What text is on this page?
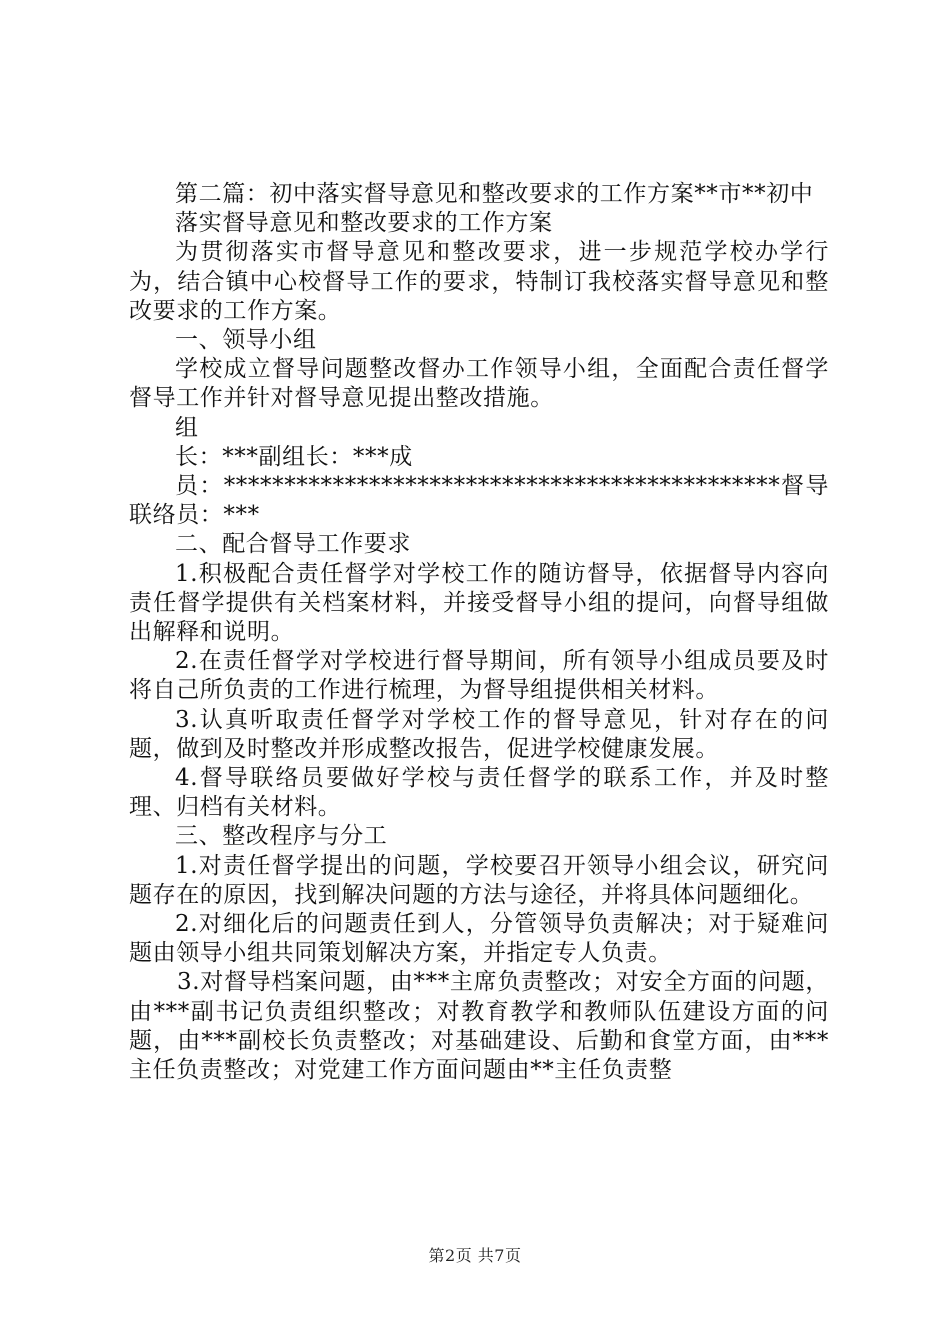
第二篇：初中落实督导意见和整改要求的工作方案**市**初中

落实督导意见和整改要求的工作方案

为贯彻落实市督导意见和整改要求，进一步规范学校办学行为，结合镇中心校督导工作的要求，特制订我校落实督导意见和整改要求的工作方案。

一、领导小组

学校成立督导问题整改督办工作领导小组，全面配合责任督学督导工作并针对督导意见提出整改措施。

组

长：***副组长：***成

员：**********************************************督导联络员：***

二、配合督导工作要求

1.积极配合责任督学对学校工作的随访督导，依据督导内容向责任督学提供有关档案材料，并接受督导小组的提问，向督导组做出解释和说明。

2.在责任督学对学校进行督导期间，所有领导小组成员要及时将自己所负责的工作进行梳理，为督导组提供相关材料。

3.认真听取责任督学对学校工作的督导意见，针对存在的问题，做到及时整改并形成整改报告，促进学校健康发展。

4.督导联络员要做好学校与责任督学的联系工作，并及时整理、归档有关材料。

三、整改程序与分工

1.对责任督学提出的问题，学校要召开领导小组会议，研究问题存在的原因，找到解决问题的方法与途径，并将具体问题细化。

2.对细化后的问题责任到人，分管领导负责解决；对于疑难问题由领导小组共同策划解决方案，并指定专人负责。

3.对督导档案问题，由***主席负责整改；对安全方面的问题，由***副书记负责组织整改；对教育教学和教师队伍建设方面的问题，由***副校长负责整改；对基础建设、后勤和食堂方面，由***主任负责整改；对党建工作方面问题由**主任负责整

第2页 共7页
